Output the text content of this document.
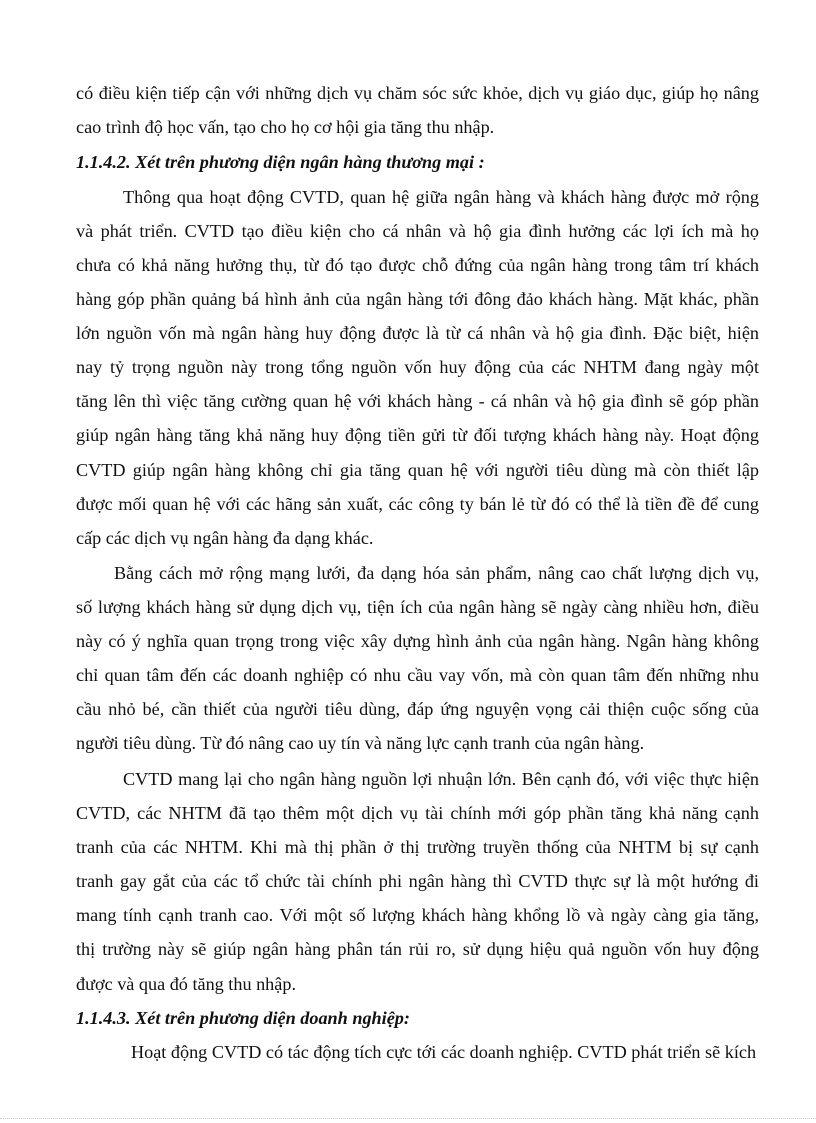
có điều kiện tiếp cận với những dịch vụ chăm sóc sức khỏe, dịch vụ giáo dục, giúp họ nâng
cao trình độ học vấn, tạo cho họ cơ hội gia tăng thu nhập.
1.1.4.2. Xét trên phương diện ngân hàng thương mại :
Thông qua hoạt động CVTD, quan hệ giữa ngân hàng và khách hàng được mở rộng
và phát triển. CVTD tạo điều kiện cho cá nhân và hộ gia đình hưởng các lợi ích mà họ
chưa có khả năng hưởng thụ, từ đó tạo được chỗ đứng của ngân hàng trong tâm trí khách
hàng góp phần quảng bá hình ảnh của ngân hàng tới đông đảo khách hàng. Mặt khác, phần
lớn nguồn vốn mà ngân hàng huy động được là từ cá nhân và hộ gia đình. Đặc biệt, hiện
nay tỷ trọng nguồn này trong tổng nguồn vốn huy động của các NHTM đang ngày một
tăng lên thì việc tăng cường quan hệ với khách hàng - cá nhân và hộ gia đình sẽ góp phần
giúp ngân hàng tăng khả năng huy động tiền gửi từ đối tượng khách hàng này. Hoạt động
CVTD giúp ngân hàng không chỉ gia tăng quan hệ với người tiêu dùng mà còn thiết lập
được mối quan hệ với các hãng sản xuất, các công ty bán lẻ từ đó có thể là tiền đề để cung
cấp các dịch vụ ngân hàng đa dạng khác.
Bằng cách mở rộng mạng lưới, đa dạng hóa sản phẩm, nâng cao chất lượng dịch vụ,
số lượng khách hàng sử dụng dịch vụ, tiện ích của ngân hàng sẽ ngày càng nhiều hơn, điều
này có ý nghĩa quan trọng trong việc xây dựng hình ảnh của ngân hàng. Ngân hàng không
chỉ quan tâm đến các doanh nghiệp có nhu cầu vay vốn, mà còn quan tâm đến những nhu
cầu nhỏ bé, cần thiết của người tiêu dùng, đáp ứng nguyện vọng cải thiện cuộc sống của
người tiêu dùng. Từ đó nâng cao uy tín và năng lực cạnh tranh của ngân hàng.
CVTD mang lại cho ngân hàng nguồn lợi nhuận lớn. Bên cạnh đó, với việc thực hiện
CVTD, các NHTM đã tạo thêm một dịch vụ tài chính mới góp phần tăng khả năng cạnh
tranh của các NHTM. Khi mà thị phần ở thị trường truyền thống của NHTM bị sự cạnh
tranh gay gắt của các tổ chức tài chính phi ngân hàng thì CVTD thực sự là một hướng đi
mang tính cạnh tranh cao. Với một số lượng khách hàng khổng lồ và ngày càng gia tăng,
thị trường này sẽ giúp ngân hàng phân tán rủi ro, sử dụng hiệu quả nguồn vốn huy động
được và qua đó tăng thu nhập.
1.1.4.3. Xét trên phương diện doanh nghiệp:
Hoạt động CVTD có tác động tích cực tới các doanh nghiệp. CVTD phát triển sẽ kích
